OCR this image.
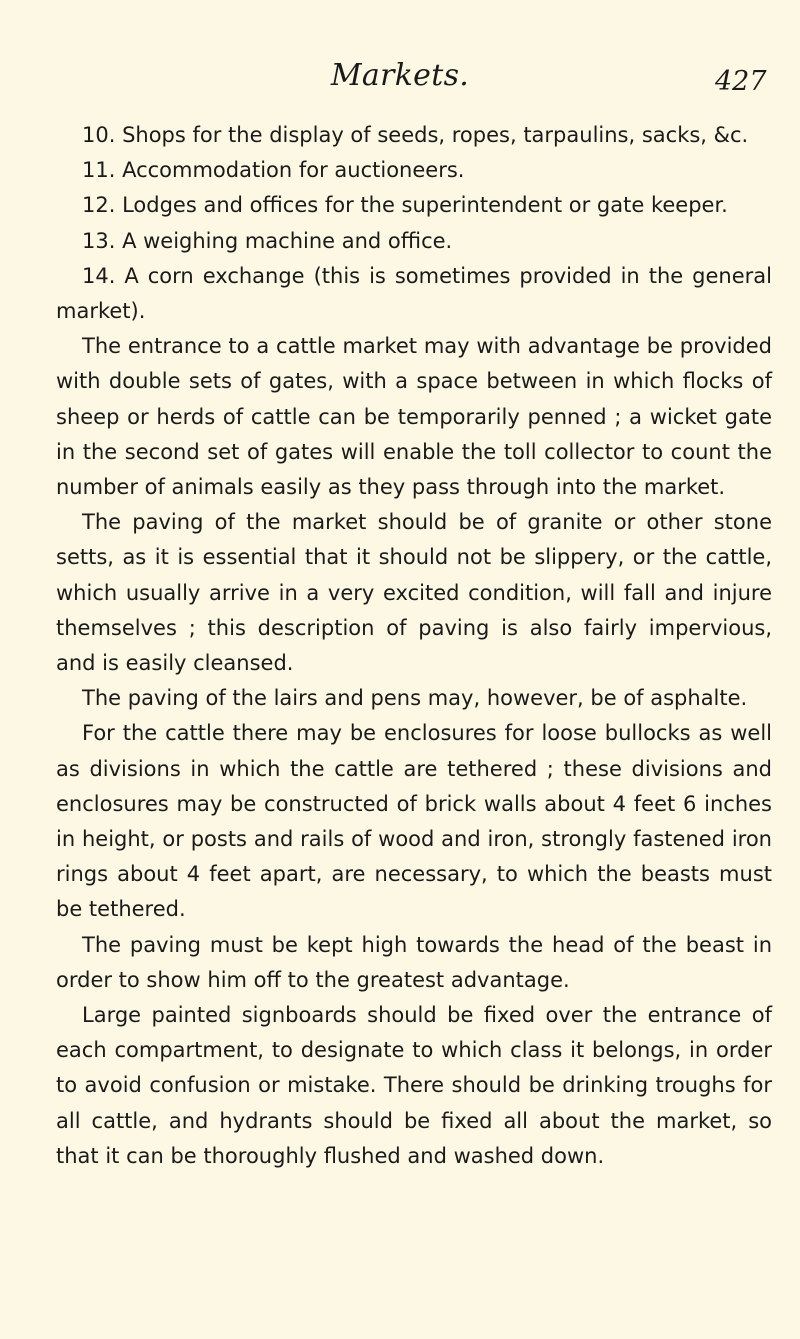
Markets.	427

10. Shops for the display of seeds, ropes, tarpaulins, sacks, &c.

11. Accommodation for auctioneers.

12. Lodges and offices for the superintendent or gate keeper.

13. A weighing machine and office.

14. A corn exchange (this is sometimes provided in the general market).

The entrance to a cattle market may with advantage be provided with double sets of gates, with a space between in which flocks of sheep or herds of cattle can be temporarily penned ; a wicket gate in the second set of gates will enable the toll collector to count the number of animals easily as they pass through into the market.

The paving of the market should be of granite or other stone setts, as it is essential that it should not be slippery, or the cattle, which usually arrive in a very excited condition, will fall and injure themselves ; this description of paving is also fairly impervious, and is easily cleansed.

The paving of the lairs and pens may, however, be of asphalte.

For the cattle there may be enclosures for loose bullocks as well as divisions in which the cattle are tethered ; these divisions and enclosures may be constructed of brick walls about 4 feet 6 inches in height, or posts and rails of wood and iron, strongly fastened iron rings about 4 feet apart, are necessary, to which the beasts must be tethered.

The paving must be kept high towards the head of the beast in order to show him off to the greatest advantage.

Large painted signboards should be fixed over the entrance of each compartment, to designate to which class it belongs, in order to avoid confusion or mistake. There should be drinking troughs for all cattle, and hydrants should be fixed all about the market, so that it can be thoroughly flushed and washed down.
